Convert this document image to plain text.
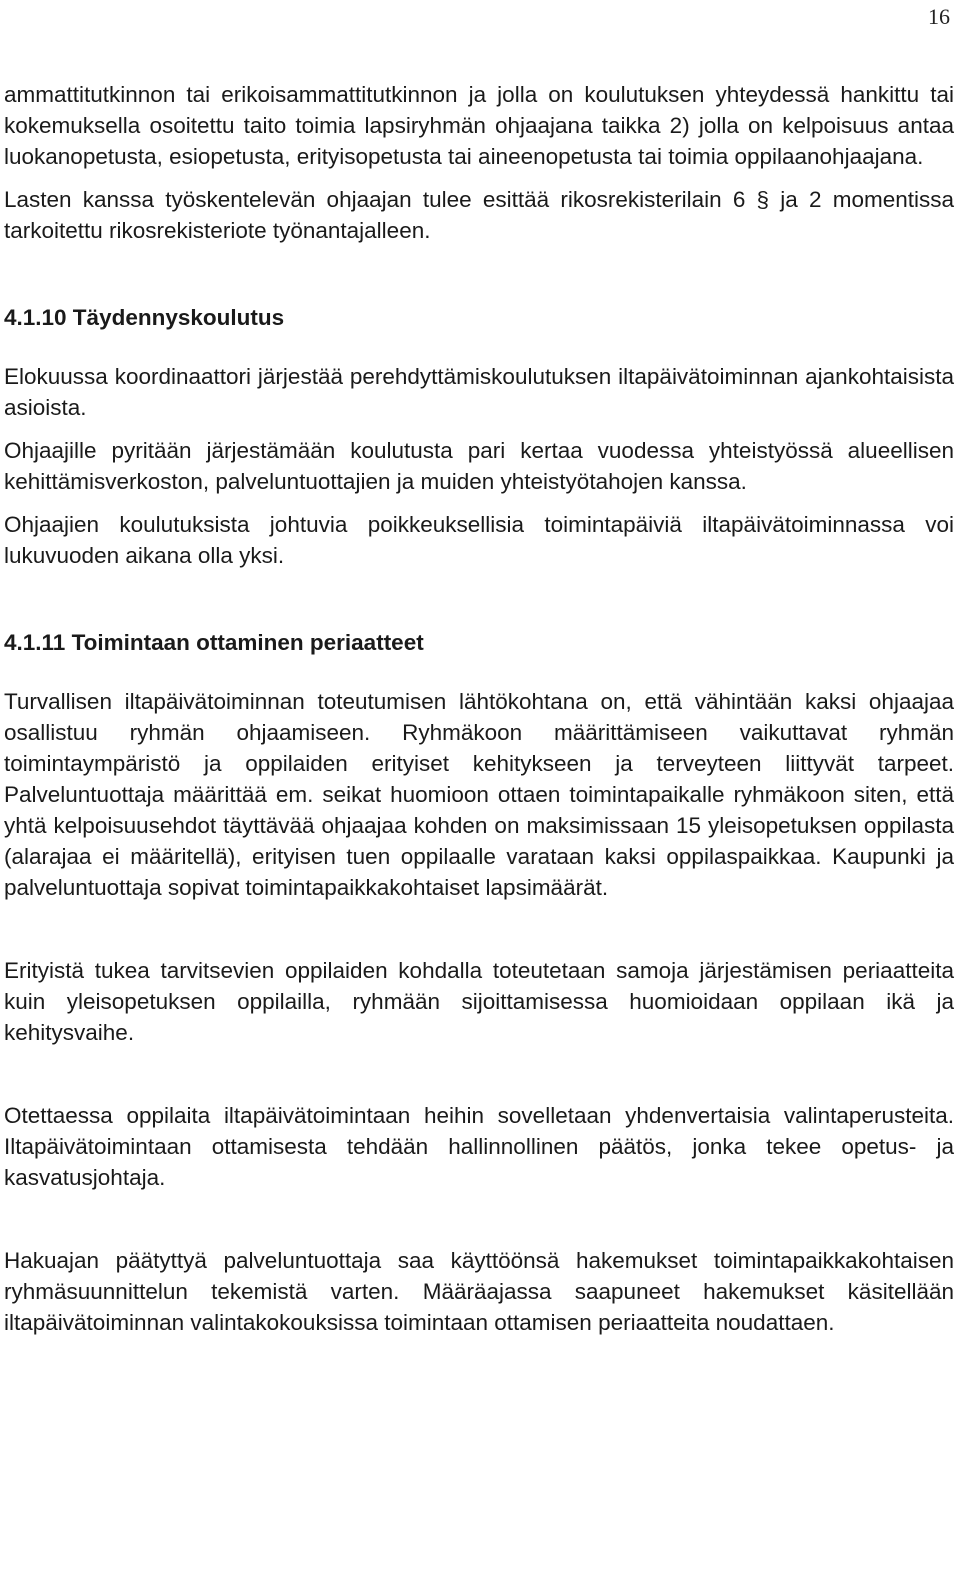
16

ammattitutkinnon tai erikoisammattitutkinnon ja jolla on koulutuksen yhteydessä hankittu tai kokemuksella osoitettu taito toimia lapsiryhmän ohjaajana taikka 2) jolla on kelpoisuus antaa luokanopetusta, esiopetusta, erityisopetusta tai aineenopetusta tai toimia oppilaanohjaajana.

Lasten kanssa työskentelevän ohjaajan tulee esittää rikosrekisterilain 6 § ja 2 momentissa tarkoitettu rikosrekisteriote työnantajalleen.

4.1.10 Täydennyskoulutus

Elokuussa koordinaattori järjestää perehdyttämiskoulutuksen iltapäivätoiminnan ajankohtaisista asioista.

Ohjaajille pyritään järjestämään koulutusta pari kertaa vuodessa yhteistyössä alueellisen kehittämisverkoston, palveluntuottajien ja muiden yhteistyötahojen kanssa.

Ohjaajien koulutuksista johtuvia poikkeuksellisia toimintapäiviä iltapäivätoiminnassa voi lukuvuoden aikana olla yksi.

4.1.11 Toimintaan ottaminen periaatteet

Turvallisen iltapäivätoiminnan toteutumisen lähtökohtana on, että vähintään kaksi ohjaajaa osallistuu ryhmän ohjaamiseen. Ryhmäkoon määrittämiseen vaikuttavat ryhmän toimintaympäristö ja oppilaiden erityiset kehitykseen ja terveyteen liittyvät tarpeet. Palveluntuottaja määrittää em. seikat huomioon ottaen toimintapaikalle ryhmäkoon siten, että yhtä kelpoisuusehdot täyttävää ohjaajaa kohden on maksimissaan 15 yleisopetuksen oppilasta (alarajaa ei määritellä), erityisen tuen oppilaalle varataan kaksi oppilaspaikkaa. Kaupunki ja palveluntuottaja sopivat toimintapaikkakohtaiset lapsimäärät.

Erityistä tukea tarvitsevien oppilaiden kohdalla toteutetaan samoja järjestämisen periaatteita kuin yleisopetuksen oppilailla, ryhmään sijoittamisessa huomioidaan oppilaan ikä ja kehitysvaihe.

Otettaessa oppilaita iltapäivätoimintaan heihin sovelletaan yhdenvertaisia valintaperusteita. Iltapäivätoimintaan ottamisesta tehdään hallinnollinen päätös, jonka tekee opetus- ja kasvatusjohtaja.

Hakuajan päätyttyä palveluntuottaja saa käyttöönsä hakemukset toimintapaikkakohtaisen ryhmäsuunnittelun tekemistä varten. Määräajassa saapuneet hakemukset käsitellään iltapäivätoiminnan valintakokouksissa toimintaan ottamisen periaatteita noudattaen.
